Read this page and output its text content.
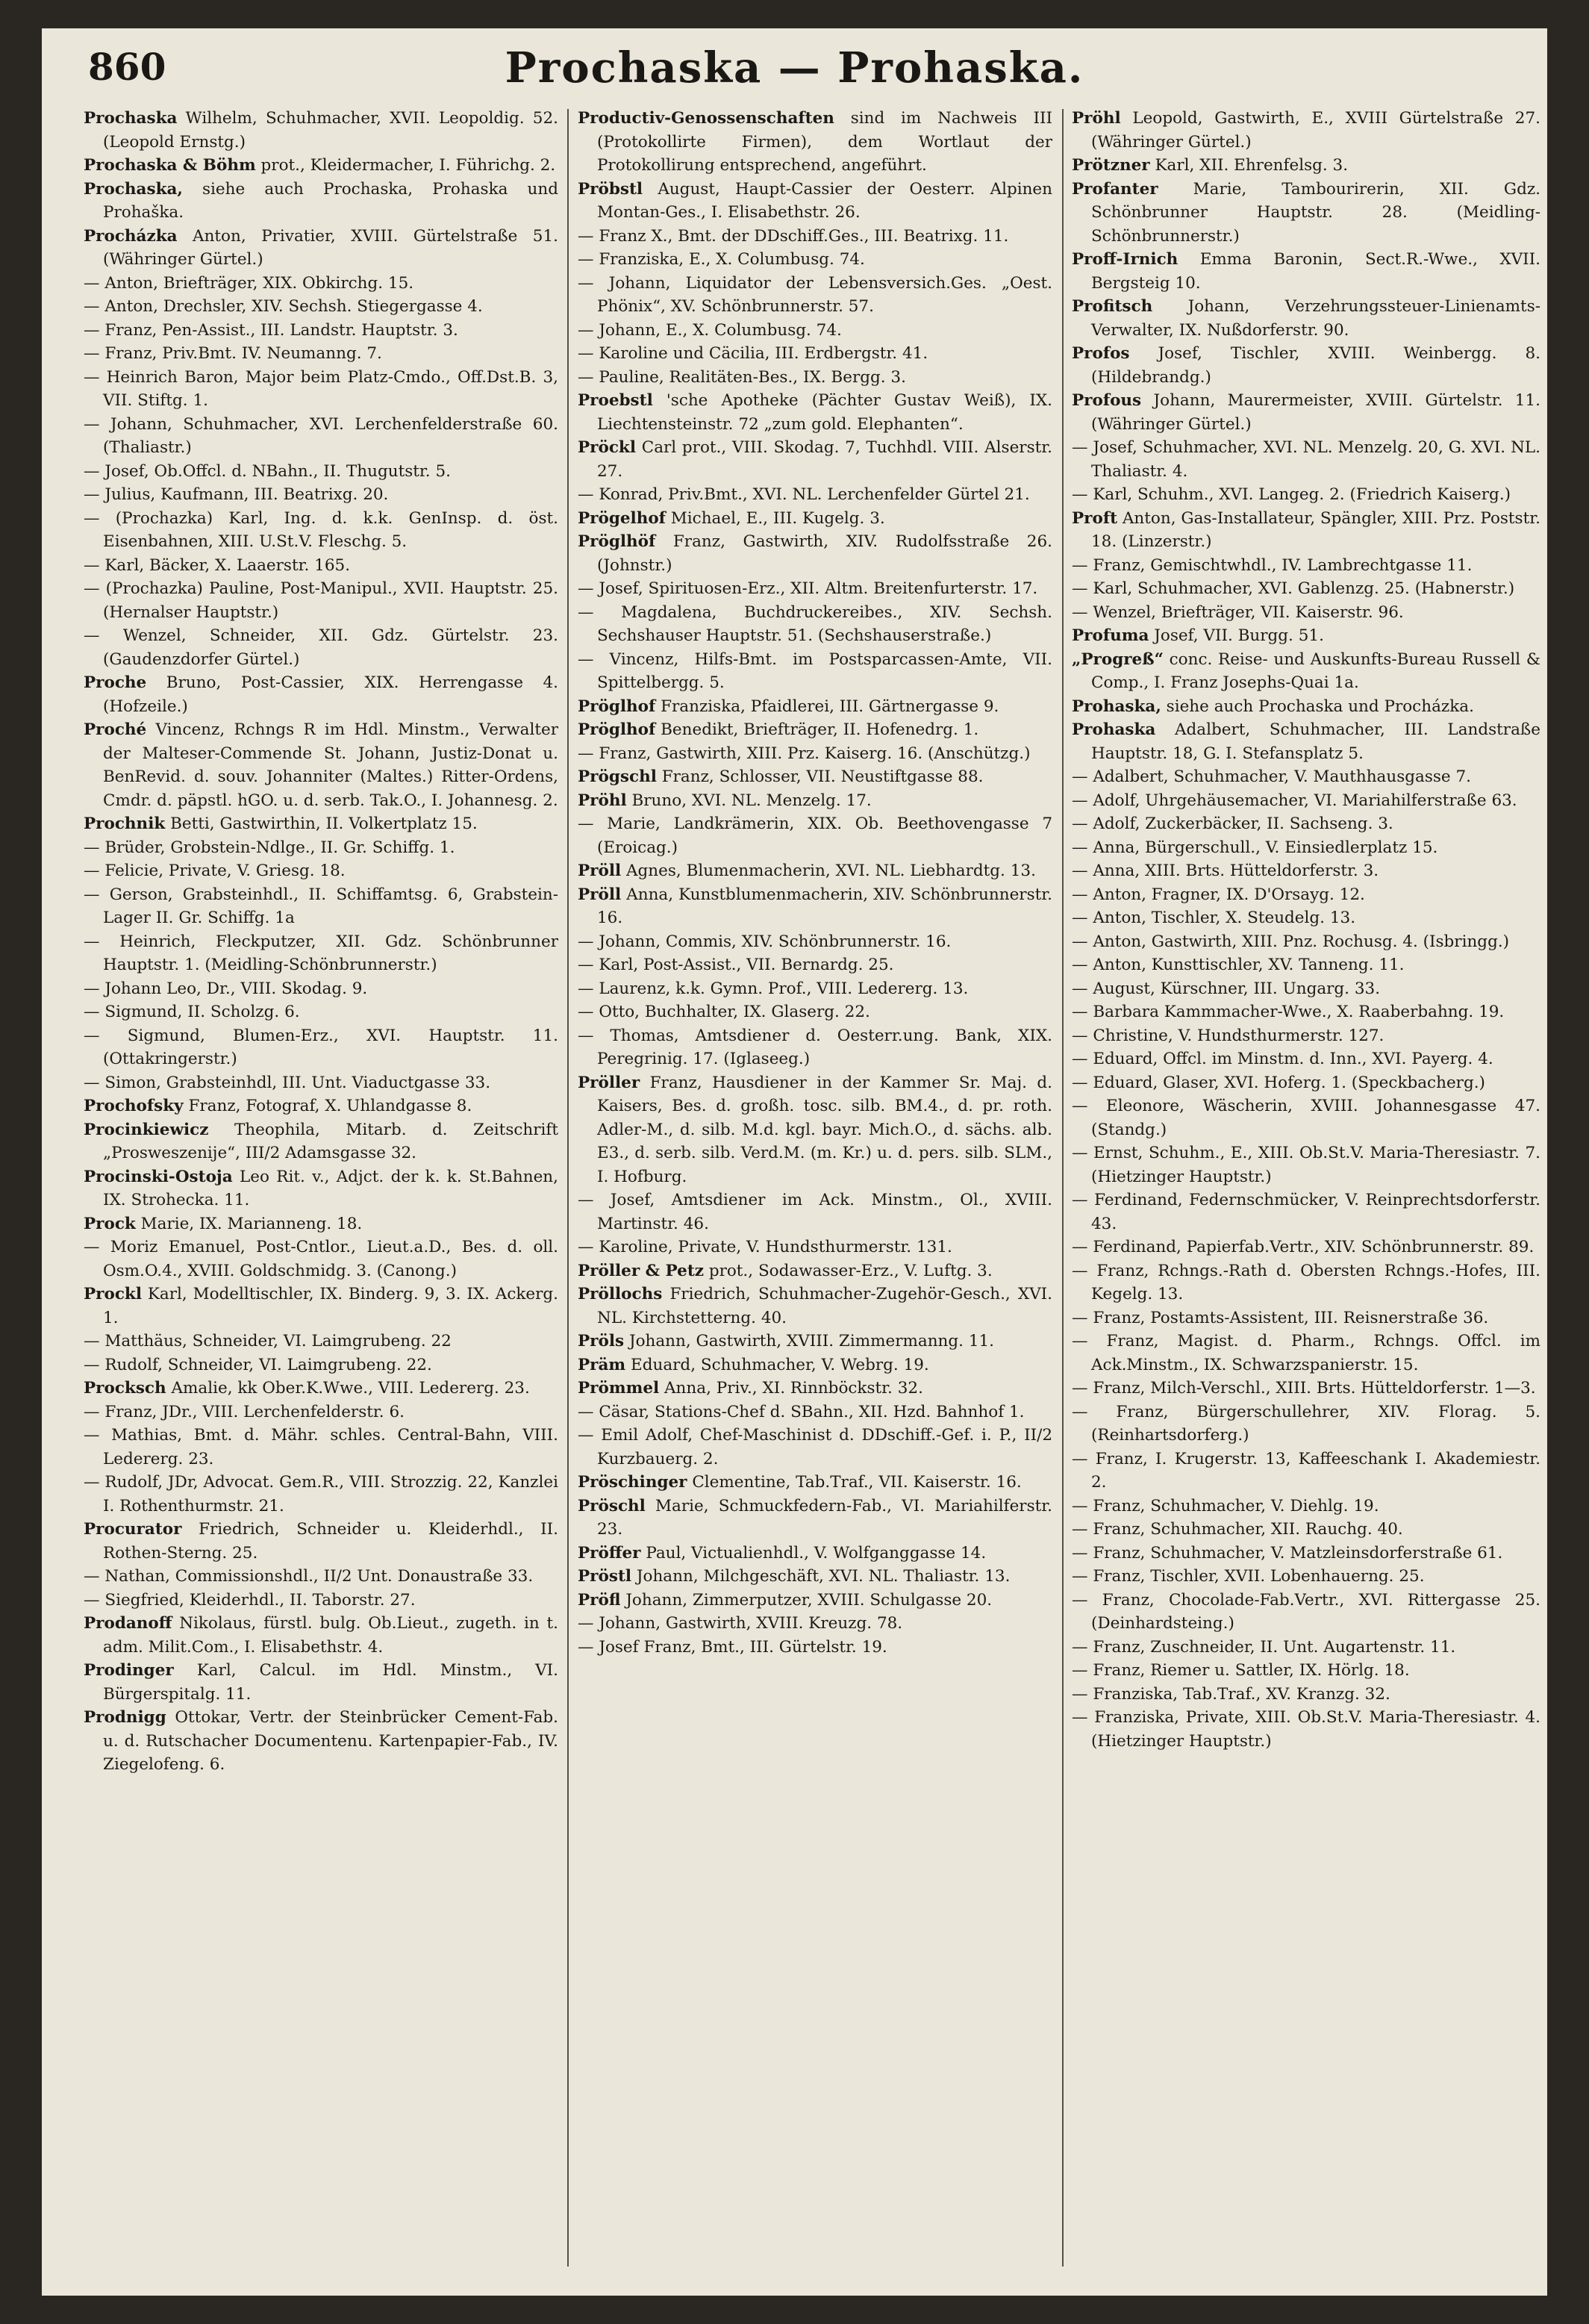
860	Prochaska — Prohaska.
Prochaska Wilhelm, Schuhmacher, XVII. Leopoldig. 52. (Leopold Ernstg.)
Prochaska & Böhm prot., Kleidermacher, I. Führichg. 2.
Prochaska, siehe auch Prochaska, Prohaska und Prohaška.
Procházka Anton, Privatier, XVIII. Gürtelstraße 51. (Währinger Gürtel.)
— Anton, Briefträger, XIX. Obkirchg. 15.
— Anton, Drechsler, XIV. Sechsh. Stiegergasse 4.
— Franz, Pen-Assist., III. Landstr. Hauptstr. 3.
— Franz, Priv.Bmt. IV. Neumanng. 7.
— Heinrich Baron, Major beim Platz-Cmdo., Off.Dst.B. 3, VII. Stiftg. 1.
— Johann, Schuhmacher, XVI. Lerchenfelderstraße 60. (Thaliastr.)
— Josef, Ob.Offcl. d. NBahn., II. Thugutstr. 5.
— Julius, Kaufmann, III. Beatrixg. 20.
— (Prochazka) Karl, Ing. d. k.k. GenInsp. d. öst. Eisenbahnen, XIII. U.St.V. Fleschg. 5.
— Karl, Bäcker, X. Laaerstr. 165.
— (Prochazka) Pauline, Post-Manipul., XVII. Hauptstr. 25. (Hernalser Hauptstr.)
— Wenzel, Schneider, XII. Gdz. Gürtelstr. 23. (Gaudenzdorfer Gürtel.)
Proche Bruno, Post-Cassier, XIX. Herrengasse 4. (Hofzeile.)
Proché Vincenz, Rchngs R im Hdl. Minstm., Verwalter der Malteser-Commende St. Johann, Justiz-Donat u. BenRevid. d. souv. Johanniter (Maltes.) Ritter-Ordens, Cmdr. d. päpstl. hGO. u. d. serb. Tak.O., I. Johannesg. 2.
Prochnik Betti, Gastwirthin, II. Volkertplatz 15.
— Brüder, Grobstein-Ndlge., II. Gr. Schiffg. 1.
— Felicie, Private, V. Griesg. 18.
— Gerson, Grabsteinhdl., II. Schiffamtsg. 6, Grabstein-Lager II. Gr. Schiffg. 1a
— Heinrich, Fleckputzer, XII. Gdz. Schönbrunner Hauptstr. 1. (Meidling-Schönbrunnerstr.)
— Johann Leo, Dr., VIII. Skodag. 9.
— Sigmund, II. Scholzg. 6.
— Sigmund, Blumen-Erz., XVI. Hauptstr. 11. (Ottakringerstr.)
— Simon, Grabsteinhdl, III. Unt. Viaductgasse 33.
Prochofsky Franz, Fotograf, X. Uhlandgasse 8.
Procinkiewicz Theophila, Mitarb. d. Zeitschrift „Prosweszenije“, III/2 Adamsgasse 32.
Procinski-Ostoja Leo Rit. v., Adjct. der k. k. St.Bahnen, IX. Strohecka. 11.
Prock Marie, IX. Marianneng. 18.
— Moriz Emanuel, Post-Cntlor., Lieut.a.D., Bes. d. oll. Osm.O.4., XVIII. Goldschmidg. 3. (Canong.)
Prockl Karl, Modelltischler, IX. Binderg. 9, 3. IX. Ackerg. 1.
— Matthäus, Schneider, VI. Laimgrubeng. 22
— Rudolf, Schneider, VI. Laimgrubeng. 22.
Procksch Amalie, kk Ober.K.Wwe., VIII. Ledererg. 23.
— Franz, JDr., VIII. Lerchenfelderstr. 6.
— Mathias, Bmt. d. Mähr. schles. Central-Bahn, VIII. Ledererg. 23.
— Rudolf, JDr, Advocat. Gem.R., VIII. Strozzig. 22, Kanzlei I. Rothenthurmstr. 21.
Procurator Friedrich, Schneider u. Kleiderhdl., II. Rothen-Sterng. 25.
— Nathan, Commissionshdl., II/2 Unt. Donaustraße 33.
— Siegfried, Kleiderhdl., II. Taborstr. 27.
Prodanoff Nikolaus, fürstl. bulg. Ob.Lieut., zugeth. in t. adm. Milit.Com., I. Elisabethstr. 4.
Prodinger Karl, Calcul. im Hdl. Minstm., VI. Bürgerspitalg. 11.
Prodnigg Ottokar, Vertr. der Steinbrücker Cement-Fab. u. d. Rutschacher Documentenu. Kartenpapier-Fab., IV. Ziegelofeng. 6.
Productiv-Genossenschaften sind im Nachweis III (Protokollirte Firmen), dem Wortlaut der Protokollirung entsprechend, angeführt.
Pröbstl August, Haupt-Cassier der Oesterr. Alpinen Montan-Ges., I. Elisabethstr. 26.
— Franz X., Bmt. der DDschiff.Ges., III. Beatrixg. 11.
— Franziska, E., X. Columbusg. 74.
— Johann, Liquidator der Lebensversich.Ges. „Oest. Phönix“, XV. Schönbrunnerstr. 57.
— Johann, E., X. Columbusg. 74.
— Karoline und Cäcilia, III. Erdbergstr. 41.
— Pauline, Realitäten-Bes., IX. Bergg. 3.
Proebstl 'sche Apotheke (Pächter Gustav Weiß), IX. Liechtensteinstr. 72 „zum gold. Elephanten“.
Pröckl Carl prot., VIII. Skodag. 7, Tuchhdl. VIII. Alserstr. 27.
— Konrad, Priv.Bmt., XVI. NL. Lerchenfelder Gürtel 21.
Prögelhof Michael, E., III. Kugelg. 3.
Pröglhöf Franz, Gastwirth, XIV. Rudolfsstraße 26. (Johnstr.)
— Josef, Spirituosen-Erz., XII. Altm. Breitenfurterstr. 17.
— Magdalena, Buchdruckereibes., XIV. Sechsh. Sechshauser Hauptstr. 51. (Sechshauserstraße.)
— Vincenz, Hilfs-Bmt. im Postsparcassen-Amte, VII. Spittelbergg. 5.
Pröglhof Franziska, Pfaidlerei, III. Gärtnergasse 9.
Pröglhof Benedikt, Briefträger, II. Hofenedrg. 1.
— Franz, Gastwirth, XIII. Prz. Kaiserg. 16. (Anschützg.)
Prögschl Franz, Schlosser, VII. Neustiftgasse 88.
Pröhl Bruno, XVI. NL. Menzelg. 17.
— Marie, Landkrämerin, XIX. Ob. Beethovengasse 7 (Eroicag.)
Pröll Agnes, Blumenmacherin, XVI. NL. Liebhardtg. 13.
Pröll Anna, Kunstblumenmacherin, XIV. Schönbrunnerstr. 16.
— Johann, Commis, XIV. Schönbrunnerstr. 16.
— Karl, Post-Assist., VII. Bernardg. 25.
— Laurenz, k.k. Gymn. Prof., VIII. Ledererg. 13.
— Otto, Buchhalter, IX. Glaserg. 22.
— Thomas, Amtsdiener d. Oesterr.ung. Bank, XIX. Peregrinig. 17. (Iglaseeg.)
Pröller Franz, Hausdiener in der Kammer Sr. Maj. d. Kaisers, Bes. d. großh. tosc. silb. BM.4., d. pr. roth. Adler-M., d. silb. M.d. kgl. bayr. Mich.O., d. sächs. alb. E3., d. serb. silb. Verd.M. (m. Kr.) u. d. pers. silb. SLM., I. Hofburg.
— Josef, Amtsdiener im Ack. Minstm., Ol., XVIII. Martinstr. 46.
— Karoline, Private, V. Hundsthurmerstr. 131.
Pröller & Petz prot., Sodawasser-Erz., V. Luftg. 3.
Pröllochs Friedrich, Schuhmacher-Zugehör-Gesch., XVI. NL. Kirchstetterng. 40.
Pröls Johann, Gastwirth, XVIII. Zimmermanng. 11.
Präm Eduard, Schuhmacher, V. Webrg. 19.
Prömmel Anna, Priv., XI. Rinnböckstr. 32.
— Cäsar, Stations-Chef d. SBahn., XII. Hzd. Bahnhof 1.
— Emil Adolf, Chef-Maschinist d. DDschiff.-Gef. i. P., II/2 Kurzbauerg. 2.
Pröschinger Clementine, Tab.Traf., VII. Kaiserstr. 16.
Pröschl Marie, Schmuckfedern-Fab., VI. Mariahilferstr. 23.
Pröffer Paul, Victualienhdl., V. Wolfganggasse 14.
Pröstl Johann, Milchgeschäft, XVI. NL. Thaliastr. 13.
Pröfl Johann, Zimmerputzer, XVIII. Schulgasse 20.
— Johann, Gastwirth, XVIII. Kreuzg. 78.
— Josef Franz, Bmt., III. Gürtelstr. 19.
Pröhl Leopold, Gastwirth, E., XVIII Gürtelstraße 27. (Währinger Gürtel.)
Prötzner Karl, XII. Ehrenfelsg. 3.
Profanter Marie, Tambourirerin, XII. Gdz. Schönbrunner Hauptstr. 28. (Meidling-Schönbrunnerstr.)
Proff-Irnich Emma Baronin, Sect.R.-Wwe., XVII. Bergsteig 10.
Profitsch Johann, Verzehrungssteuer-Linienamts-Verwalter, IX. Nußdorferstr. 90.
Profos Josef, Tischler, XVIII. Weinbergg. 8. (Hildebrandg.)
Profous Johann, Maurermeister, XVIII. Gürtelstr. 11. (Währinger Gürtel.)
— Josef, Schuhmacher, XVI. NL. Menzelg. 20, G. XVI. NL. Thaliastr. 4.
— Karl, Schuhm., XVI. Langeg. 2. (Friedrich Kaiserg.)
Proft Anton, Gas-Installateur, Spängler, XIII. Prz. Poststr. 18. (Linzerstr.)
— Franz, Gemischtwhdl., IV. Lambrechtgasse 11.
— Karl, Schuhmacher, XVI. Gablenzg. 25. (Habnerstr.)
— Wenzel, Briefträger, VII. Kaiserstr. 96.
Profuma Josef, VII. Burgg. 51.
„Progreß“ conc. Reise- und Auskunfts-Bureau Russell & Comp., I. Franz Josephs-Quai 1a.
Prohaska, siehe auch Prochaska und Procházka.
Prohaska Adalbert, Schuhmacher, III. Landstraße Hauptstr. 18, G. I. Stefansplatz 5.
— Adalbert, Schuhmacher, V. Mauthhausgasse 7.
— Adolf, Uhrgehäusemacher, VI. Mariahilferstraße 63.
— Adolf, Zuckerbäcker, II. Sachseng. 3.
— Anna, Bürgerschull., V. Einsiedlerplatz 15.
— Anna, XIII. Brts. Hütteldorferstr. 3.
— Anton, Fragner, IX. D'Orsayg. 12.
— Anton, Tischler, X. Steudelg. 13.
— Anton, Gastwirth, XIII. Pnz. Rochusg. 4. (Isbringg.)
— Anton, Kunsttischler, XV. Tanneng. 11.
— August, Kürschner, III. Ungarg. 33.
— Barbara Kammmacher-Wwe., X. Raaberbahng. 19.
— Christine, V. Hundsthurmerstr. 127.
— Eduard, Offcl. im Minstm. d. Inn., XVI. Payerg. 4.
— Eduard, Glaser, XVI. Hoferg. 1. (Speckbacherg.)
— Eleonore, Wäscherin, XVIII. Johannesgasse 47. (Standg.)
— Ernst, Schuhm., E., XIII. Ob.St.V. Maria-Theresiastr. 7. (Hietzinger Hauptstr.)
— Ferdinand, Federnschmücker, V. Reinprechtsdorferstr. 43.
— Ferdinand, Papierfab.Vertr., XIV. Schönbrunnerstr. 89.
— Franz, Rchngs.-Rath d. Obersten Rchngs.-Hofes, III. Kegelg. 13.
— Franz, Postamts-Assistent, III. Reisnerstraße 36.
— Franz, Magist. d. Pharm., Rchngs. Offcl. im Ack.Minstm., IX. Schwarzspanierstr. 15.
— Franz, Milch-Verschl., XIII. Brts. Hütteldorferstr. 1—3.
— Franz, Bürgerschullehrer, XIV. Florag. 5. (Reinhartsdorferg.)
— Franz, I. Krugerstr. 13, Kaffeeschank I. Akademiestr. 2.
— Franz, Schuhmacher, V. Diehlg. 19.
— Franz, Schuhmacher, XII. Rauchg. 40.
— Franz, Schuhmacher, V. Matzleinsdorferstraße 61.
— Franz, Tischler, XVII. Lobenhauerng. 25.
— Franz, Chocolade-Fab.Vertr., XVI. Rittergasse 25. (Deinhardsteing.)
— Franz, Zuschneider, II. Unt. Augartenstr. 11.
— Franz, Riemer u. Sattler, IX. Hörlg. 18.
— Franziska, Tab.Traf., XV. Kranzg. 32.
— Franziska, Private, XIII. Ob.St.V. Maria-Theresiastr. 4. (Hietzinger Hauptstr.)
